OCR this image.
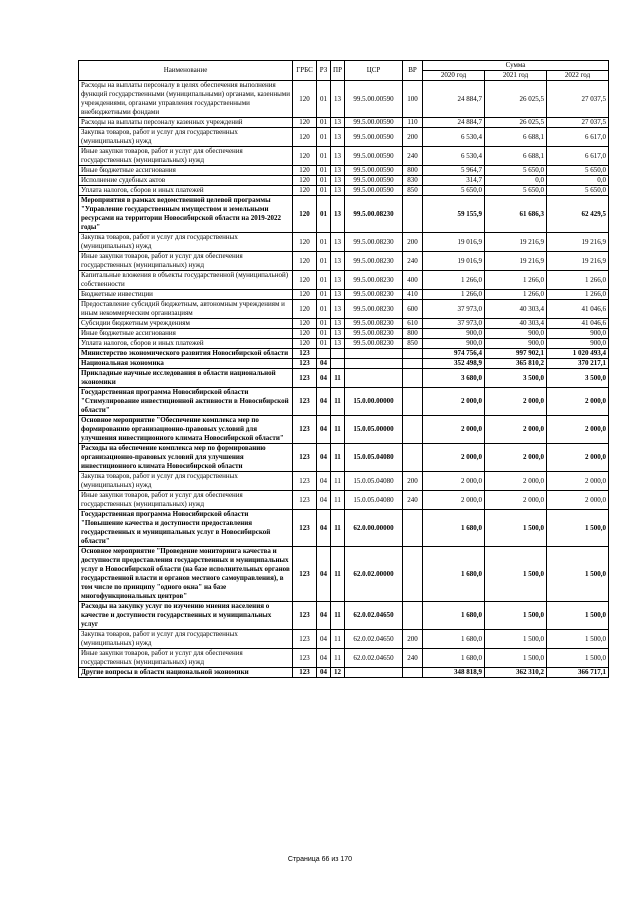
Наименование	ГРБС	РЗ	ПР	ЦСР	ВР	Сумма		
						2020 год	2021 год	2022 год
Расходы на выплаты персоналу в целях обеспечения выполнения функций государственными (муниципальными) органами, казенными учреждениями, органами управления государственными внебюджетными фондами	120	01	13	99.5.00.00590	100	24 884,7	26 025,5	27 037,5
Расходы на выплаты персоналу казенных учреждений	120	01	13	99.5.00.00590	110	24 884,7	26 025,5	27 037,5
Закупка товаров, работ и услуг для государственных (муниципальных) нужд	120	01	13	99.5.00.00590	200	6 530,4	6 688,1	6 617,0
Иные закупки товаров, работ и услуг для обеспечения государственных (муниципальных) нужд	120	01	13	99.5.00.00590	240	6 530,4	6 688,1	6 617,0
Иные бюджетные ассигнования	120	01	13	99.5.00.00590	800	5 964,7	5 650,0	5 650,0
Исполнение судебных актов	120	01	13	99.5.00.00590	830	314,7	0,0	0,0
Уплата налогов, сборов и иных платежей	120	01	13	99.5.00.00590	850	5 650,0	5 650,0	5 650,0
Мероприятия в рамках ведомственной целевой программы "Управление государственным имуществом и земельными ресурсами на территории Новосибирской области на 2019-2022 годы"	120	01	13	99.5.00.08230		59 155,9	61 686,3	62 429,5
Закупка товаров, работ и услуг для государственных (муниципальных) нужд	120	01	13	99.5.00.08230	200	19 016,9	19 216,9	19 216,9
Иные закупки товаров, работ и услуг для обеспечения государственных (муниципальных) нужд	120	01	13	99.5.00.08230	240	19 016,9	19 216,9	19 216,9
Капитальные вложения в объекты государственной (муниципальной) собственности	120	01	13	99.5.00.08230	400	1 266,0	1 266,0	1 266,0
Бюджетные инвестиции	120	01	13	99.5.00.08230	410	1 266,0	1 266,0	1 266,0
Предоставление субсидий бюджетным, автономным учреждениям и иным некоммерческим организациям	120	01	13	99.5.00.08230	600	37 973,0	40 303,4	41 046,6
Субсидии бюджетным учреждениям	120	01	13	99.5.00.08230	610	37 973,0	40 303,4	41 046,6
Иные бюджетные ассигнования	120	01	13	99.5.00.08230	800	900,0	900,0	900,0
Уплата налогов, сборов и иных платежей	120	01	13	99.5.00.08230	850	900,0	900,0	900,0
Министерство экономического развития Новосибирской области	123					974 756,4	997 902,1	1 020 493,4
Национальная экономика	123	04				352 498,9	365 810,2	370 217,1
Прикладные научные исследования в области национальной экономики	123	04	11			3 680,0	3 500,0	3 500,0
Государственная программа Новосибирской области "Стимулирование инвестиционной активности в Новосибирской области"	123	04	11	15.0.00.00000		2 000,0	2 000,0	2 000,0
Основное мероприятие "Обеспечение комплекса мер по формированию организационно-правовых условий для улучшения инвестиционного климата Новосибирской области"	123	04	11	15.0.05.00000		2 000,0	2 000,0	2 000,0
Расходы на обеспечение комплекса мер по формированию организационно-правовых условий для улучшения инвестиционного климата Новосибирской области	123	04	11	15.0.05.04080		2 000,0	2 000,0	2 000,0
Закупка товаров, работ и услуг для государственных (муниципальных) нужд	123	04	11	15.0.05.04080	200	2 000,0	2 000,0	2 000,0
Иные закупки товаров, работ и услуг для обеспечения государственных (муниципальных) нужд	123	04	11	15.0.05.04080	240	2 000,0	2 000,0	2 000,0
Государственная программа Новосибирской области "Повышение качества и доступности предоставления государственных и муниципальных услуг в Новосибирской области"	123	04	11	62.0.00.00000		1 680,0	1 500,0	1 500,0
Основное мероприятие "Проведение мониторинга качества и доступности предоставления государственных и муниципальных услуг в Новосибирской области (на базе исполнительных органов государственной власти и органов местного самоуправления), в том числе по принципу "одного окна" на базе многофункциональных центров"	123	04	11	62.0.02.00000		1 680,0	1 500,0	1 500,0
Расходы на закупку услуг по изучению мнения населения о качестве и доступности государственных и муниципальных услуг	123	04	11	62.0.02.04650		1 680,0	1 500,0	1 500,0
Закупка товаров, работ и услуг для государственных (муниципальных) нужд	123	04	11	62.0.02.04650	200	1 680,0	1 500,0	1 500,0
Иные закупки товаров, работ и услуг для обеспечения государственных (муниципальных) нужд	123	04	11	62.0.02.04650	240	1 680,0	1 500,0	1 500,0
Другие вопросы в области национальной экономики	123	04	12			348 818,9	362 310,2	366 717,1
Страница 66 из 170
